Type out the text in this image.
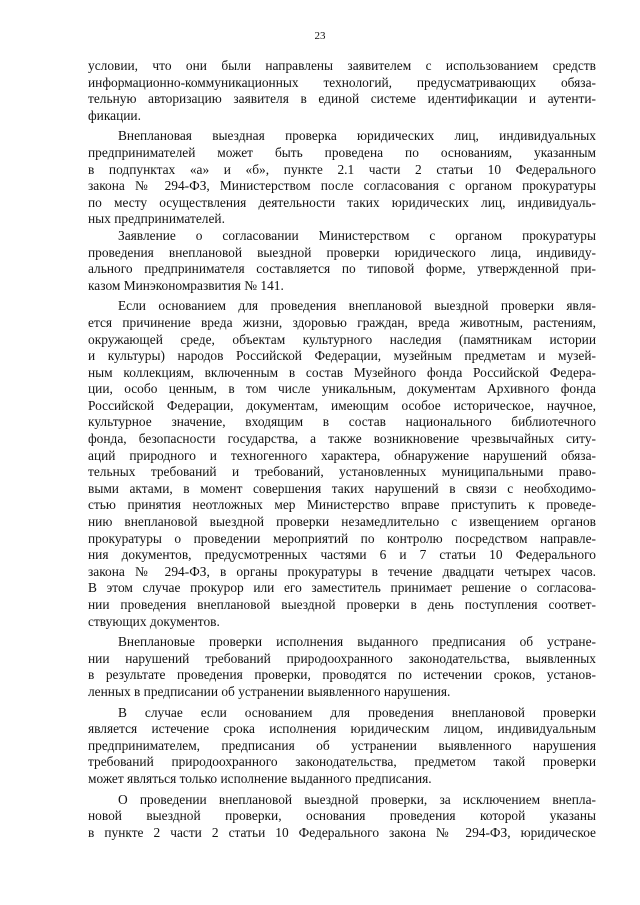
23
условии, что они были направлены заявителем с использованием средств
информационно-коммуникационных технологий, предусматривающих обяза-
тельную авторизацию заявителя в единой системе идентификации и аутенти-
фикации.
Внеплановая выездная проверка юридических лиц, индивидуальных
предпринимателей может быть проведена по основаниям, указанным
в подпунктах «а» и «б», пункте 2.1 части 2 статьи 10 Федерального
закона № 294-ФЗ, Министерством после согласования с органом прокуратуры
по месту осуществления деятельности таких юридических лиц, индивидуаль-
ных предпринимателей.
Заявление о согласовании Министерством с органом прокуратуры
проведения внеплановой выездной проверки юридического лица, индивиду-
ального предпринимателя составляется по типовой форме, утвержденной при-
казом Минэкономразвития № 141.
Если основанием для проведения внеплановой выездной проверки явля-
ется причинение вреда жизни, здоровью граждан, вреда животным, растениям,
окружающей среде, объектам культурного наследия (памятникам истории
и культуры) народов Российской Федерации, музейным предметам и музей-
ным коллекциям, включенным в состав Музейного фонда Российской Федера-
ции, особо ценным, в том числе уникальным, документам Архивного фонда
Российской Федерации, документам, имеющим особое историческое, научное,
культурное значение, входящим в состав национального библиотечного
фонда, безопасности государства, а также возникновение чрезвычайных ситу-
аций природного и техногенного характера, обнаружение нарушений обяза-
тельных требований и требований, установленных муниципальными право-
выми актами, в момент совершения таких нарушений в связи с необходимо-
стью принятия неотложных мер Министерство вправе приступить к проведе-
нию внеплановой выездной проверки незамедлительно с извещением органов
прокуратуры о проведении мероприятий по контролю посредством направле-
ния документов, предусмотренных частями 6 и 7 статьи 10 Федерального
закона № 294-ФЗ, в органы прокуратуры в течение двадцати четырех часов.
В этом случае прокурор или его заместитель принимает решение о согласова-
нии проведения внеплановой выездной проверки в день поступления соответ-
ствующих документов.
Внеплановые проверки исполнения выданного предписания об устране-
нии нарушений требований природоохранного законодательства, выявленных
в результате проведения проверки, проводятся по истечении сроков, установ-
ленных в предписании об устранении выявленного нарушения.
В случае если основанием для проведения внеплановой проверки
является истечение срока исполнения юридическим лицом, индивидуальным
предпринимателем, предписания об устранении выявленного нарушения
требований природоохранного законодательства, предметом такой проверки
может являться только исполнение выданного предписания.
О проведении внеплановой выездной проверки, за исключением внепла-
новой выездной проверки, основания проведения которой указаны
в пункте 2 части 2 статьи 10 Федерального закона № 294-ФЗ, юридическое
